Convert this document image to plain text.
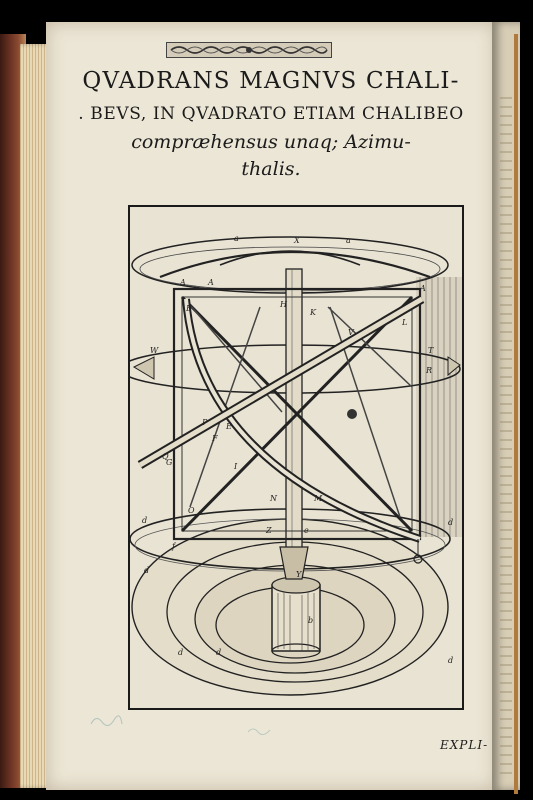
QVADRANS MAGNVS CHALI-
. BEVS, IN QVADRATO ETIAM CHALIBEO
compræhensus unaq; Azimu-
thalis.
a	X	a
A
A
A
H
K
B
L
W
V
T
R
E
F
G	I
N	M
O
P
Q
d	d
d
d	d
d
b
Y
Z	e
f
EXPLI-
